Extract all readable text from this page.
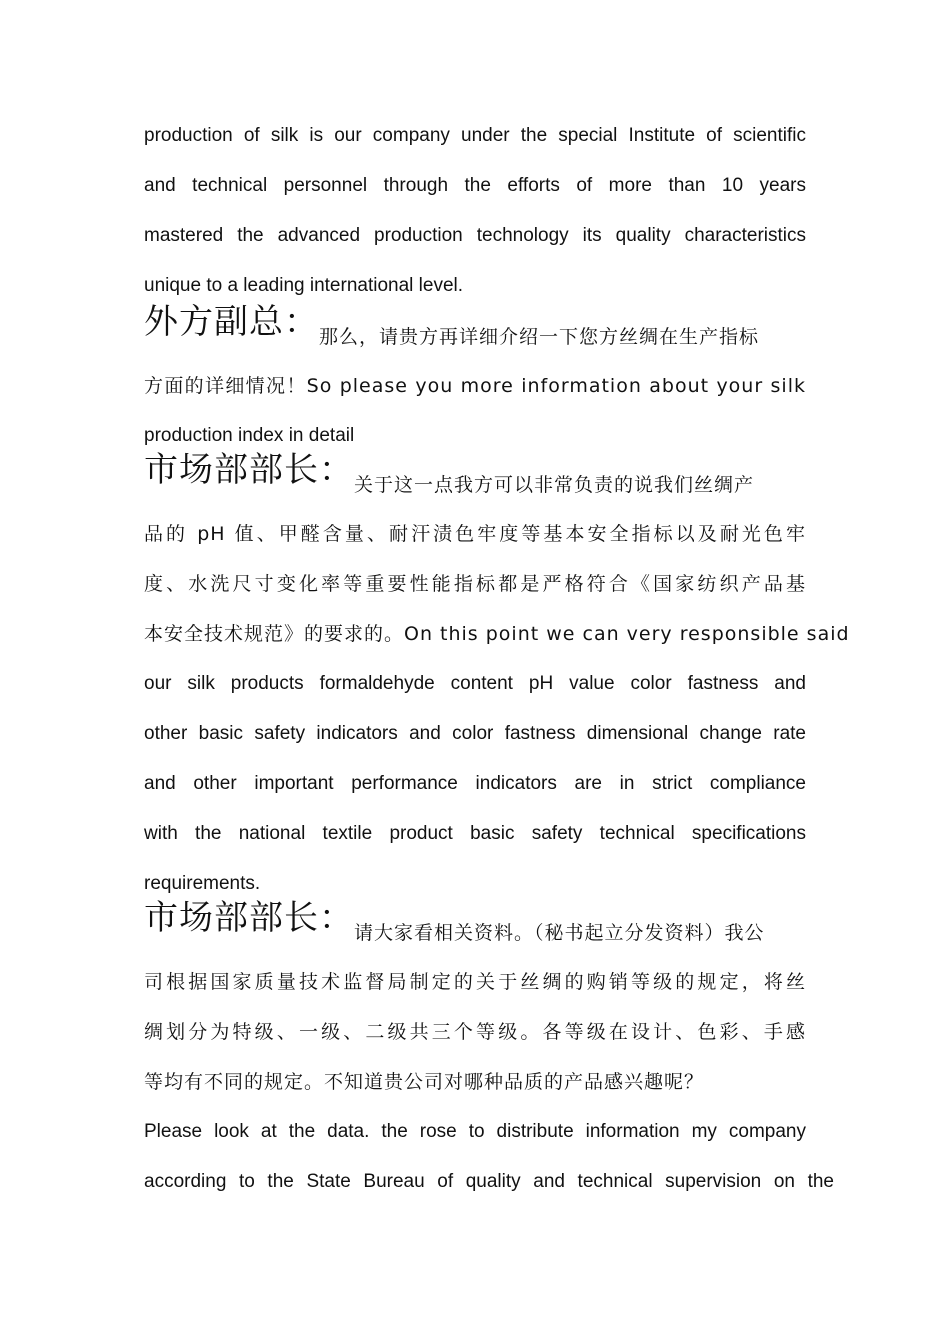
production of silk is our company under the special Institute of scientific
and technical personnel through the efforts of more than 10 years
mastered the advanced production technology its quality characteristics
unique to a leading international level.
外方副总：那么，请贵方再详细介绍一下您方丝绸在生产指标
方面的详细情况！So please you more information about your silk
production index in detail
市场部部长：关于这一点我方可以非常负责的说我们丝绸产
品的 pH 值、甲醛含量、耐汗渍色牢度等基本安全指标以及耐光色牢
度、水洗尺寸变化率等重要性能指标都是严格符合《国家纺织产品基
本安全技术规范》的要求的。On this point we can very responsible said
our silk products formaldehyde content pH value color fastness and
other basic safety indicators and color fastness dimensional change rate
and other important performance indicators are in strict compliance
with the national textile product basic safety technical specifications
requirements.
市场部部长：请大家看相关资料。（秘书起立分发资料）我公
司根据国家质量技术监督局制定的关于丝绸的购销等级的规定，将丝
绸划分为特级、一级、二级共三个等级。各等级在设计、色彩、手感
等均有不同的规定。不知道贵公司对哪种品质的产品感兴趣呢？
Please look at the data. the rose to distribute information my company
according to the State Bureau of quality and technical supervision on the
